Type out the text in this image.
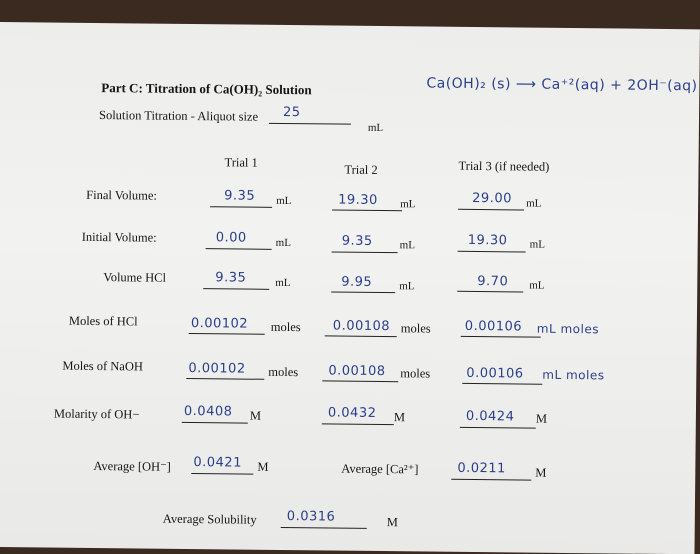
Part C: Titration of Ca(OH)₂ Solution	Ca(OH)₂ (s) ⟶ Ca⁺²(aq) + 2OH⁻(aq)
Solution Titration - Aliquot size 25
mL
Trial 1
Trial 2	Trial 3 (if needed)
Final Volume:	9.35 mL	19.30 mL	29.00 mL
Initial Volume:	0.00	mL	9.35 mL	19.30 mL
Volume HCl	9.35	mL	9.95 mL	9.70 mL
Moles of HCl	0.00102 moles 0.00108 moles	0.00106 mL moles
Moles of NaOH	0.00102 moles 0.00108 moles	0.00106 mL moles
Molarity of OH−	0.0408 M	0.0432 M	0.0424 M
Average [OH⁻] 0.0421 M	Average [Ca²⁺]	0.0211 M
Average Solubility 0.0316	M
